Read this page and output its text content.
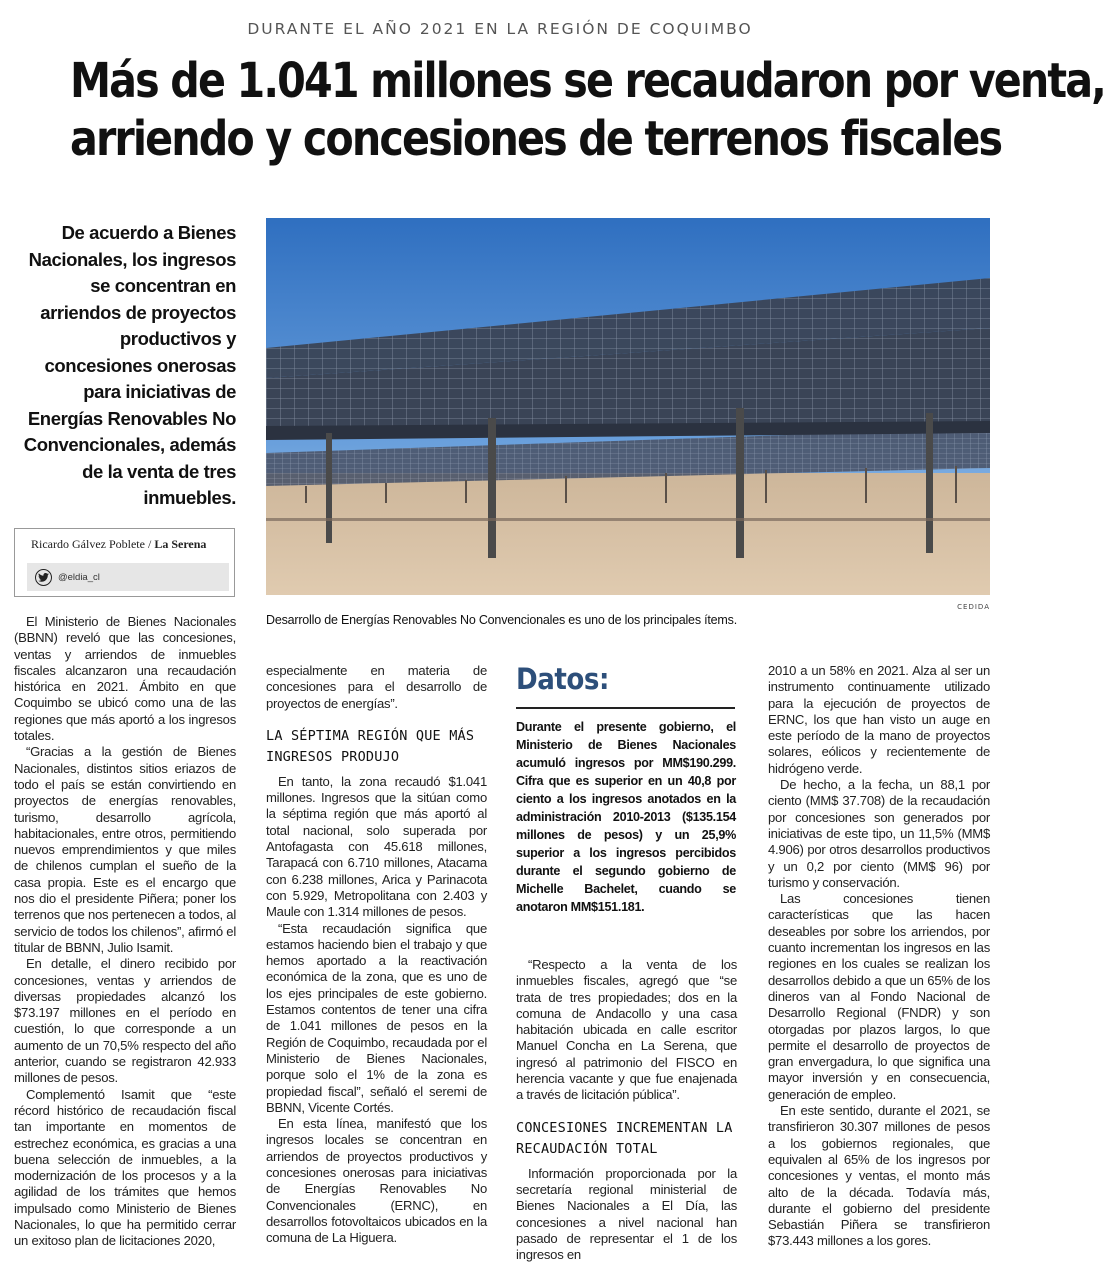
DURANTE EL AÑO 2021 EN LA REGIÓN DE COQUIMBO
Más de 1.041 millones se recaudaron por venta,
arriendo y concesiones de terrenos fiscales
De acuerdo a Bienes Nacionales, los ingresos se concentran en arriendos de proyectos productivos y concesiones onerosas para iniciativas de Energías Renovables No Convencionales, además de la venta de tres inmuebles.
Ricardo Gálvez Poblete / La Serena
@eldia_cl
CEDIDA
Desarrollo de Energías Renovables No Convencionales es uno de los principales ítems.

El Ministerio de Bienes Nacionales (BBNN) reveló que las concesiones, ventas y arriendos de inmuebles fiscales alcanzaron una recaudación histórica en 2021. Ámbito en que Coquimbo se ubicó como una de las regiones que más aportó a los ingresos totales.

“Gracias a la gestión de Bienes Nacionales, distintos sitios eriazos de todo el país se están convirtiendo en proyectos de energías renovables, turismo, desarrollo agrícola, habitacionales, entre otros, permitiendo nuevos emprendimientos y que miles de chilenos cumplan el sueño de la casa propia. Este es el encargo que nos dio el presidente Piñera; poner los terrenos que nos pertenecen a todos, al servicio de todos los chilenos”, afirmó el titular de BBNN, Julio Isamit.

En detalle, el dinero recibido por concesiones, ventas y arriendos de diversas propiedades alcanzó los $73.197 millones en el período en cuestión, lo que corresponde a un aumento de un 70,5% respecto del año anterior, cuando se registraron 42.933 millones de pesos.

Complementó Isamit que “este récord histórico de recaudación fiscal tan importante en momentos de estrechez económica, es gracias a una buena selección de inmuebles, a la modernización de los procesos y a la agilidad de los trámites que hemos impulsado como Ministerio de Bienes Nacionales, lo que ha permitido cerrar un exitoso plan de licitaciones 2020,

especialmente en materia de concesiones para el desarrollo de proyectos de energías”.
LA SÉPTIMA REGIÓN QUE MÁS INGRESOS PRODUJO

En tanto, la zona recaudó $1.041 millones. Ingresos que la sitúan como la séptima región que más aportó al total nacional, solo superada por Antofagasta con 45.618 millones, Tarapacá con 6.710 millones, Atacama con 6.238 millones, Arica y Parinacota con 5.929, Metropolitana con 2.403 y Maule con 1.314 millones de pesos.

“Esta recaudación significa que estamos haciendo bien el trabajo y que hemos aportado a la reactivación económica de la zona, que es uno de los ejes principales de este gobierno. Estamos contentos de tener una cifra de 1.041 millones de pesos en la Región de Coquimbo, recaudada por el Ministerio de Bienes Nacionales, porque solo el 1% de la zona es propiedad fiscal”, señaló el seremi de BBNN, Vicente Cortés.

En esta línea, manifestó que los ingresos locales se concentran en arriendos de proyectos productivos y concesiones onerosas para iniciativas de Energías Renovables No Convencionales (ERNC), en desarrollos fotovoltaicos ubicados en la comuna de La Higuera.

Datos:
Durante el presente gobierno, el Ministerio de Bienes Nacionales acumuló ingresos por MM$190.299. Cifra que es superior en un 40,8 por ciento a los ingresos anotados en la administración 2010-2013 ($135.154 millones de pesos) y un 25,9% superior a los ingresos percibidos durante el segundo gobierno de Michelle Bachelet, cuando se anotaron MM$151.181.

“Respecto a la venta de los inmuebles fiscales, agregó que “se trata de tres propiedades; dos en la comuna de Andacollo y una casa habitación ubicada en calle escritor Manuel Concha en La Serena, que ingresó al patrimonio del FISCO en herencia vacante y que fue enajenada a través de licitación pública”.

CONCESIONES INCREMENTAN LA RECAUDACIÓN TOTAL

Información proporcionada por la secretaría regional ministerial de Bienes Nacionales a El Día, las concesiones a nivel nacional han pasado de representar el 1 de los ingresos en

2010 a un 58% en 2021. Alza al ser un instrumento continuamente utilizado para la ejecución de proyectos de ERNC, los que han visto un auge en este período de la mano de proyectos solares, eólicos y recientemente de hidrógeno verde.

De hecho, a la fecha, un 88,1 por ciento (MM$ 37.708) de la recaudación por concesiones son generados por iniciativas de este tipo, un 11,5% (MM$ 4.906) por otros desarrollos productivos y un 0,2 por ciento (MM$ 96) por turismo y conservación.

Las concesiones tienen características que las hacen deseables por sobre los arriendos, por cuanto incrementan los ingresos en las regiones en los cuales se realizan los desarrollos debido a que un 65% de los dineros van al Fondo Nacional de Desarrollo Regional (FNDR) y son otorgadas por plazos largos, lo que permite el desarrollo de proyectos de gran envergadura, lo que significa una mayor inversión y en consecuencia, generación de empleo.

En este sentido, durante el 2021, se transfirieron 30.307 millones de pesos a los gobiernos regionales, que equivalen al 65% de los ingresos por concesiones y ventas, el monto más alto de la década. Todavía más, durante el gobierno del presidente Sebastián Piñera se transfirieron $73.443 millones a los gores.
